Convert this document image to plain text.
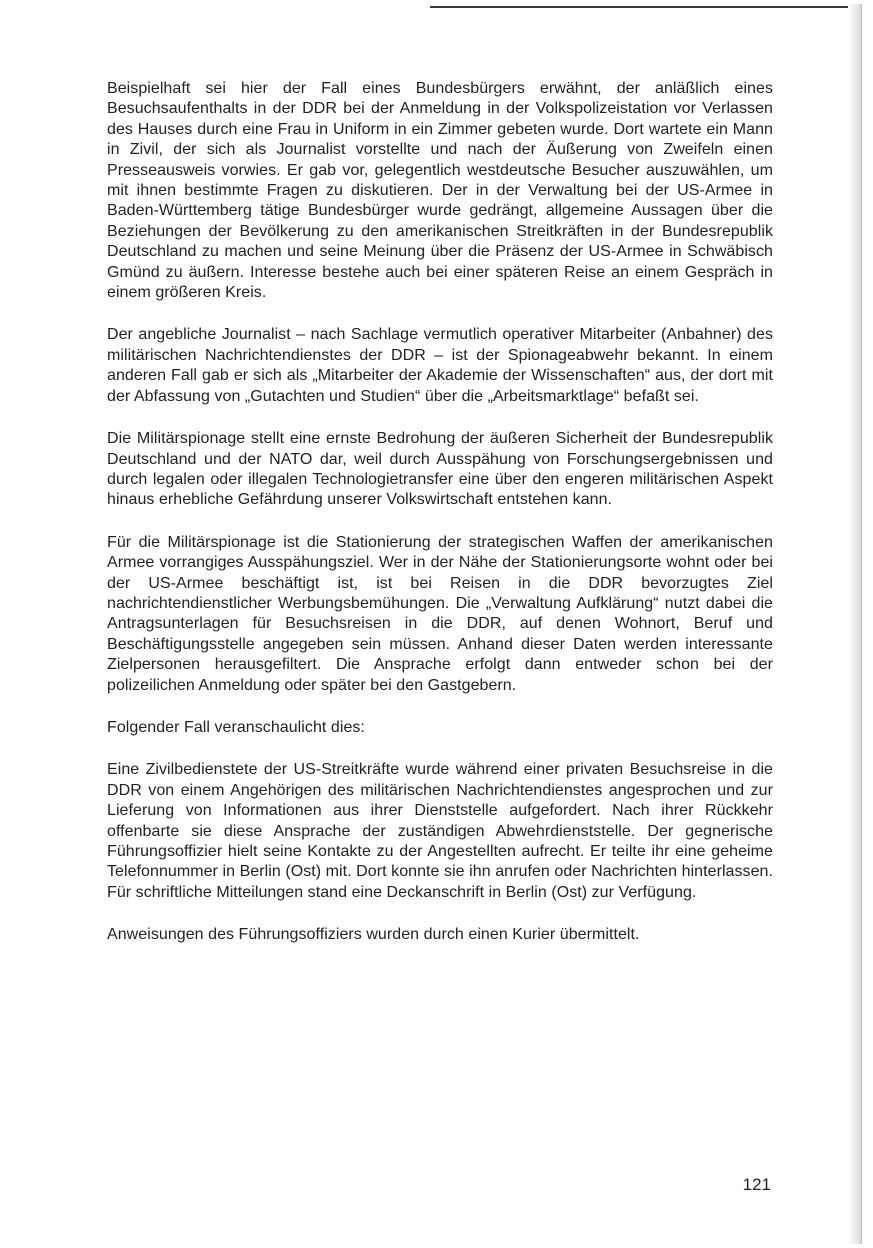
Beispielhaft sei hier der Fall eines Bundesbürgers erwähnt, der anläßlich eines Besuchsaufenthalts in der DDR bei der Anmeldung in der Volkspolizeistation vor Verlassen des Hauses durch eine Frau in Uniform in ein Zimmer gebeten wurde. Dort wartete ein Mann in Zivil, der sich als Journalist vorstellte und nach der Äußerung von Zweifeln einen Presseausweis vorwies. Er gab vor, gelegentlich westdeutsche Besucher auszuwählen, um mit ihnen bestimmte Fragen zu diskutieren. Der in der Verwaltung bei der US-Armee in Baden-Württemberg tätige Bundesbürger wurde gedrängt, allgemeine Aussagen über die Beziehungen der Bevölkerung zu den amerikanischen Streitkräften in der Bundesrepublik Deutschland zu machen und seine Meinung über die Präsenz der US-Armee in Schwäbisch Gmünd zu äußern. Interesse bestehe auch bei einer späteren Reise an einem Gespräch in einem größeren Kreis.

Der angebliche Journalist – nach Sachlage vermutlich operativer Mitarbeiter (Anbahner) des militärischen Nachrichtendienstes der DDR – ist der Spionageabwehr bekannt. In einem anderen Fall gab er sich als „Mitarbeiter der Akademie der Wissenschaften“ aus, der dort mit der Abfassung von „Gutachten und Studien“ über die „Arbeitsmarktlage“ befaßt sei.

Die Militärspionage stellt eine ernste Bedrohung der äußeren Sicherheit der Bundesrepublik Deutschland und der NATO dar, weil durch Ausspähung von Forschungsergebnissen und durch legalen oder illegalen Technologietransfer eine über den engeren militärischen Aspekt hinaus erhebliche Gefährdung unserer Volkswirtschaft entstehen kann.

Für die Militärspionage ist die Stationierung der strategischen Waffen der amerikanischen Armee vorrangiges Ausspähungsziel. Wer in der Nähe der Stationierungsorte wohnt oder bei der US-Armee beschäftigt ist, ist bei Reisen in die DDR bevorzugtes Ziel nachrichtendienstlicher Werbungsbemühungen. Die „Verwaltung Aufklärung“ nutzt dabei die Antragsunterlagen für Besuchsreisen in die DDR, auf denen Wohnort, Beruf und Beschäftigungsstelle angegeben sein müssen. Anhand dieser Daten werden interessante Zielpersonen herausgefiltert. Die Ansprache erfolgt dann entweder schon bei der polizeilichen Anmeldung oder später bei den Gastgebern.

Folgender Fall veranschaulicht dies:

Eine Zivilbedienstete der US-Streitkräfte wurde während einer privaten Besuchsreise in die DDR von einem Angehörigen des militärischen Nachrichtendienstes angesprochen und zur Lieferung von Informationen aus ihrer Dienststelle aufgefordert. Nach ihrer Rückkehr offenbarte sie diese Ansprache der zuständigen Abwehrdienststelle. Der gegnerische Führungsoffizier hielt seine Kontakte zu der Angestellten aufrecht. Er teilte ihr eine geheime Telefonnummer in Berlin (Ost) mit. Dort konnte sie ihn anrufen oder Nachrichten hinterlassen. Für schriftliche Mitteilungen stand eine Deckanschrift in Berlin (Ost) zur Verfügung.

Anweisungen des Führungsoffiziers wurden durch einen Kurier übermittelt.

121
